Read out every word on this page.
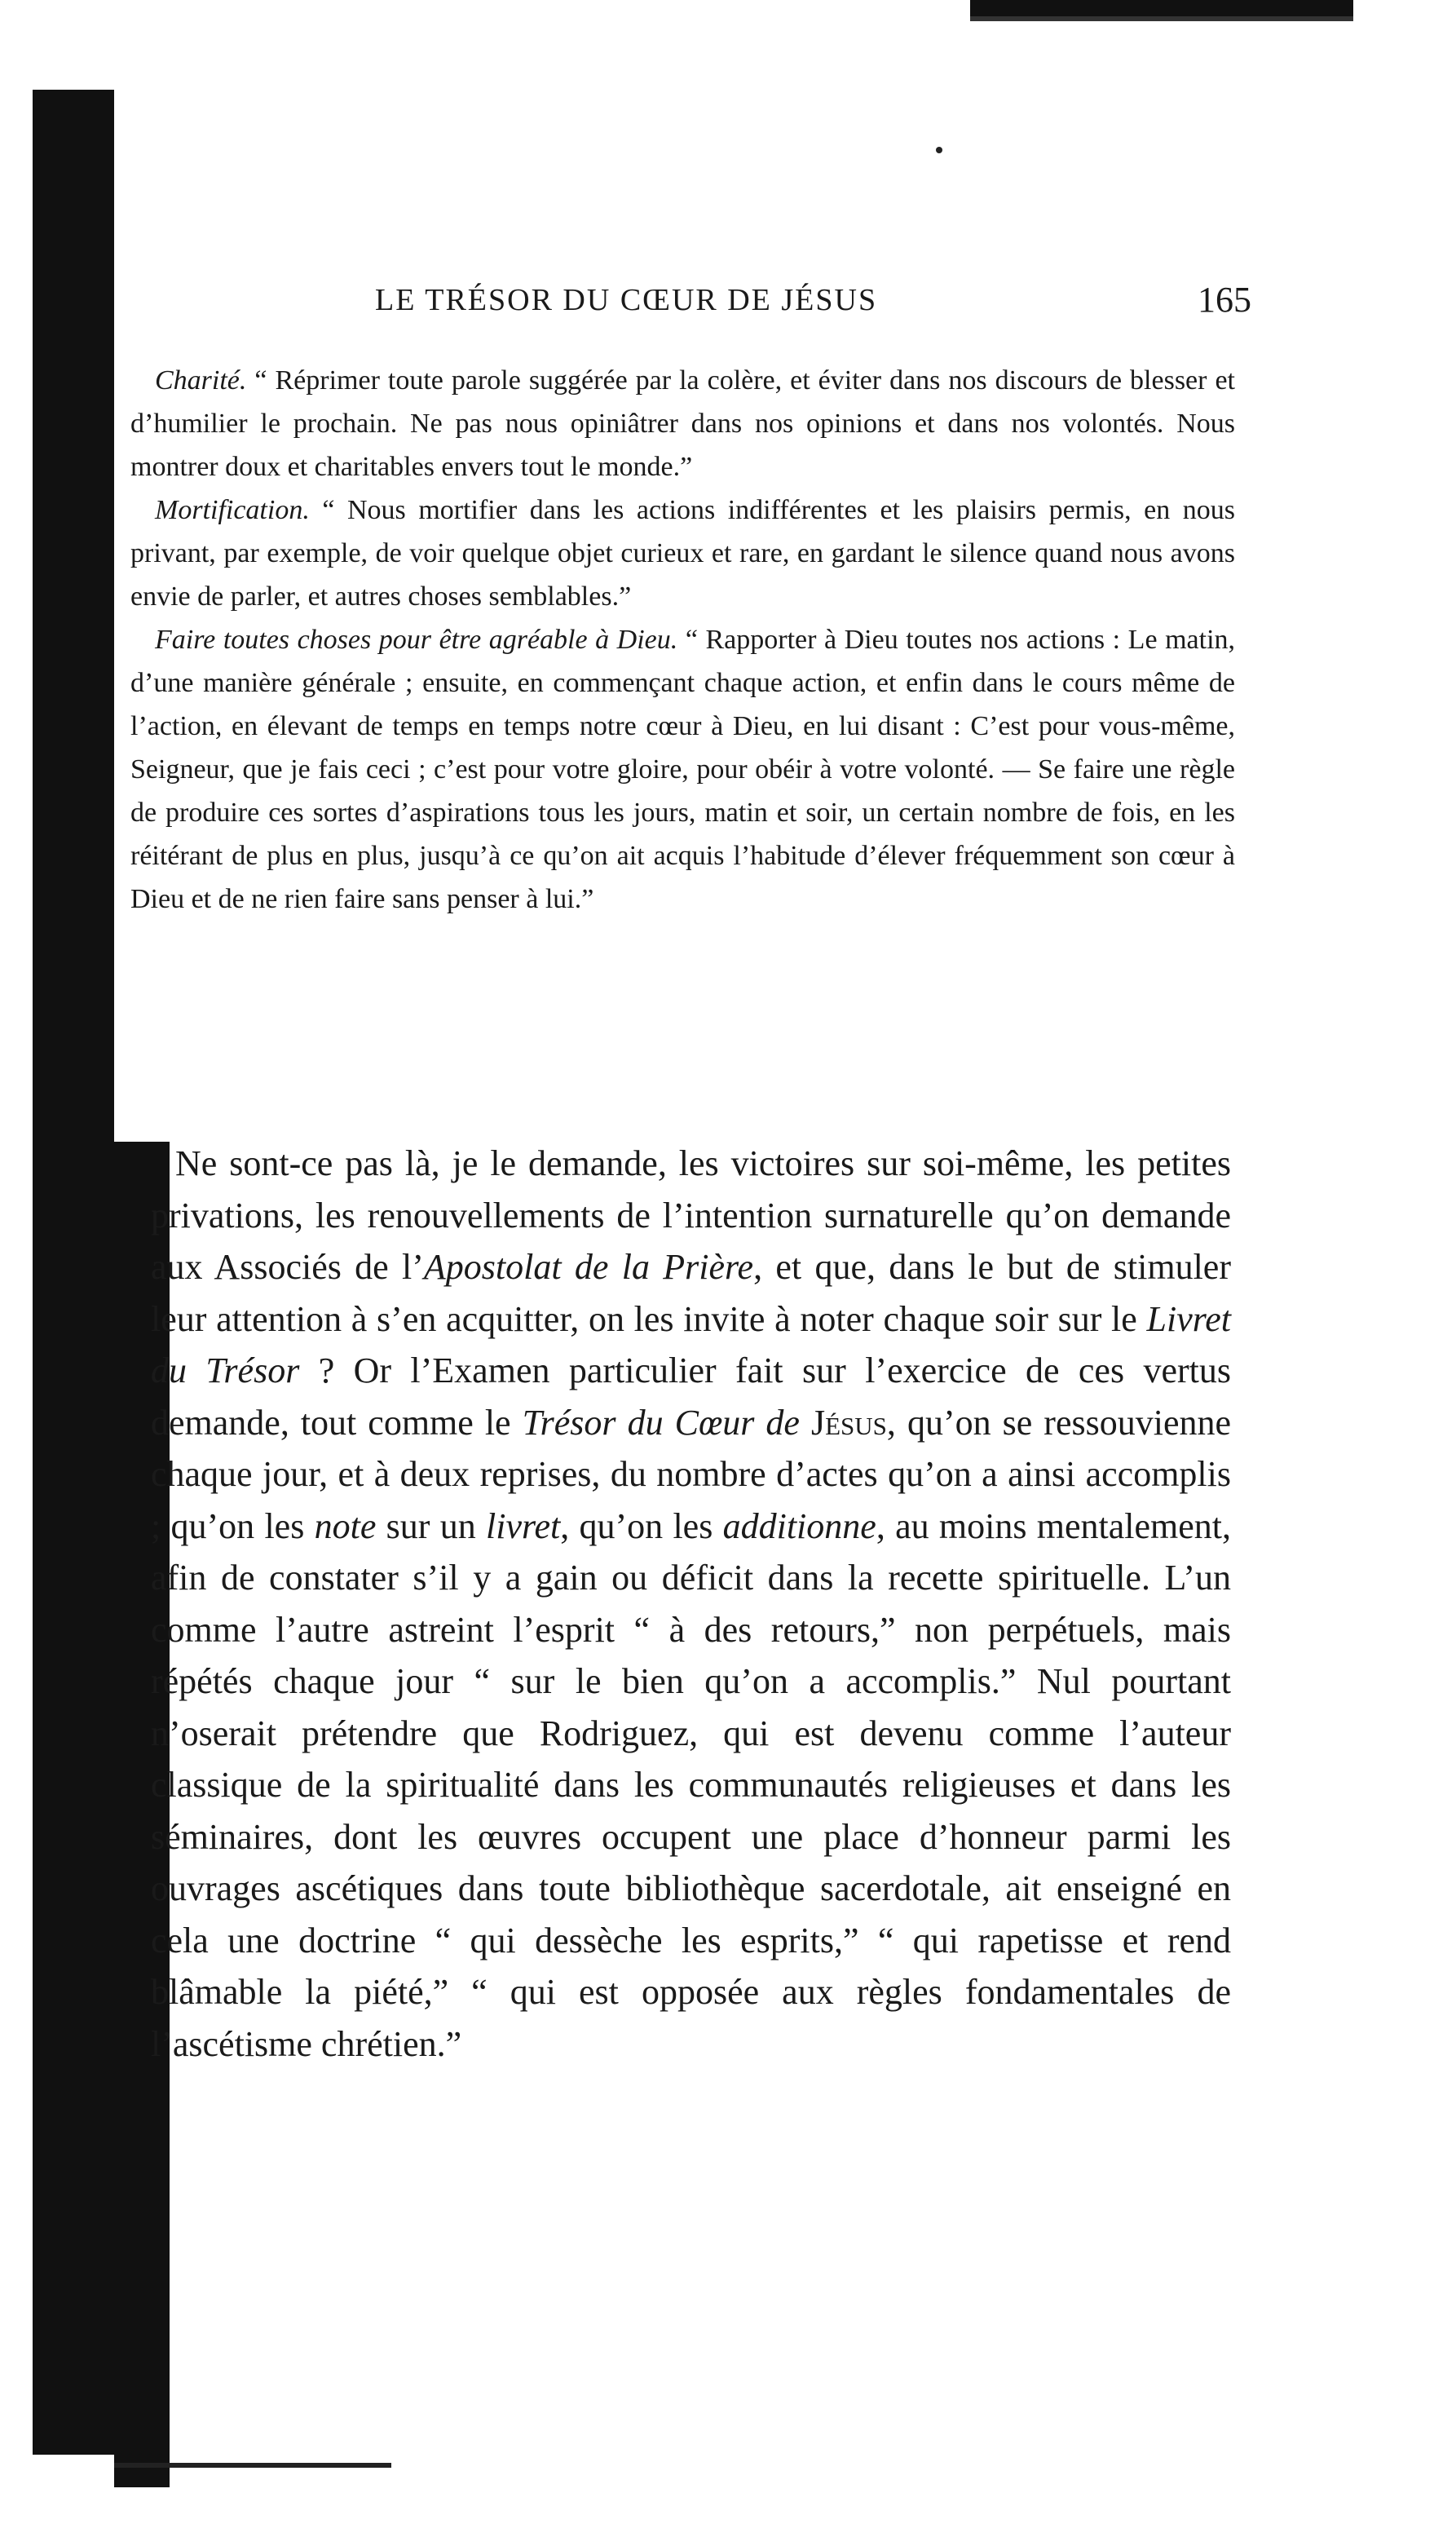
LE TRÉSOR DU CŒUR DE JÉSUS	165

Charité. “ Réprimer toute parole suggérée par la colère, et éviter dans nos discours de blesser et d’humilier le prochain. Ne pas nous opiniâtrer dans nos opinions et dans nos volontés. Nous montrer doux et charitables envers tout le monde.”

Mortification. “ Nous mortifier dans les actions indifférentes et les plaisirs permis, en nous privant, par exemple, de voir quelque objet curieux et rare, en gardant le silence quand nous avons envie de parler, et autres choses semblables.”

Faire toutes choses pour être agréable à Dieu. “ Rapporter à Dieu toutes nos actions : Le matin, d’une manière générale ; ensuite, en commençant chaque action, et enfin dans le cours même de l’action, en élevant de temps en temps notre cœur à Dieu, en lui disant : C’est pour vous-même, Seigneur, que je fais ceci ; c’est pour votre gloire, pour obéir à votre volonté. — Se faire une règle de produire ces sortes d’aspirations tous les jours, matin et soir, un certain nombre de fois, en les réitérant de plus en plus, jusqu’à ce qu’on ait acquis l’habitude d’élever fréquemment son cœur à Dieu et de ne rien faire sans penser à lui.”

Ne sont-ce pas là, je le demande, les victoires sur soi-même, les petites privations, les renouvellements de l’intention surnaturelle qu’on demande aux Associés de l’Apostolat de la Prière, et que, dans le but de stimuler leur attention à s’en acquitter, on les invite à noter chaque soir sur le Livret du Trésor ? Or l’Examen particulier fait sur l’exercice de ces vertus demande, tout comme le Trésor du Cœur de Jésus, qu’on se ressouvienne chaque jour, et à deux reprises, du nombre d’actes qu’on a ainsi accomplis ; qu’on les note sur un livret, qu’on les additionne, au moins mentalement, afin de constater s’il y a gain ou déficit dans la recette spirituelle. L’un comme l’autre astreint l’esprit “ à des retours,” non perpétuels, mais répétés chaque jour “ sur le bien qu’on a accomplis.” Nul pourtant n’oserait prétendre que Rodriguez, qui est devenu comme l’auteur classique de la spiritualité dans les communautés religieuses et dans les séminaires, dont les œuvres occupent une place d’honneur parmi les ouvrages ascétiques dans toute bibliothèque sacerdotale, ait enseigné en cela une doctrine “ qui dessèche les esprits,” “ qui rapetisse et rend blâmable la piété,” “ qui est opposée aux règles fondamentales de l’ascétisme chrétien.”
